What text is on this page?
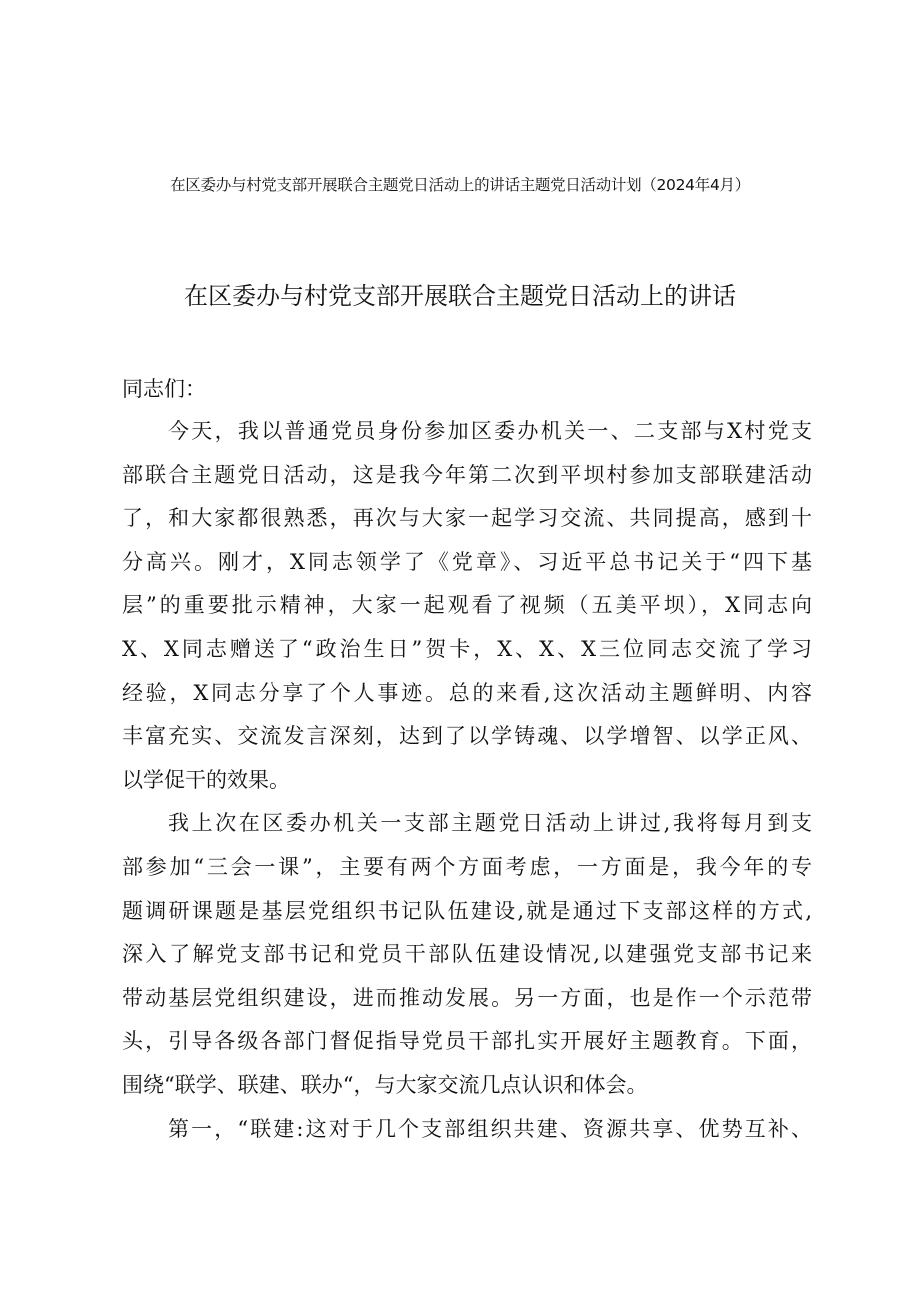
在区委办与村党支部开展联合主题党日活动上的讲话主题党日活动计划（2024年4月）
在区委办与村党支部开展联合主题党日活动上的讲话
同志们：
今天，我以普通党员身份参加区委办机关一、二支部与X村党支
部联合主题党日活动，这是我今年第二次到平坝村参加支部联建活动
了，和大家都很熟悉，再次与大家一起学习交流、共同提高，感到十
分高兴。刚才，X同志领学了《党章》、习近平总书记关于“四下基
层”的重要批示精神，大家一起观看了视频（五美平坝），X同志向
X、X同志赠送了“政治生日”贺卡，X、X、X三位同志交流了学习
经验，X同志分享了个人事迹。总的来看,这次活动主题鲜明、内容
丰富充实、交流发言深刻，达到了以学铸魂、以学增智、以学正风、
以学促干的效果。
我上次在区委办机关一支部主题党日活动上讲过,我将每月到支
部参加“三会一课”，主要有两个方面考虑，一方面是，我今年的专
题调研课题是基层党组织书记队伍建设,就是通过下支部这样的方式,
深入了解党支部书记和党员干部队伍建设情况,以建强党支部书记来
带动基层党组织建设，进而推动发展。另一方面，也是作一个示范带
头，引导各级各部门督促指导党员干部扎实开展好主题教育。下面，
围绕“联学、联建、联办“，与大家交流几点认识和体会。
第一，“联建:这对于几个支部组织共建、资源共享、优势互补、
